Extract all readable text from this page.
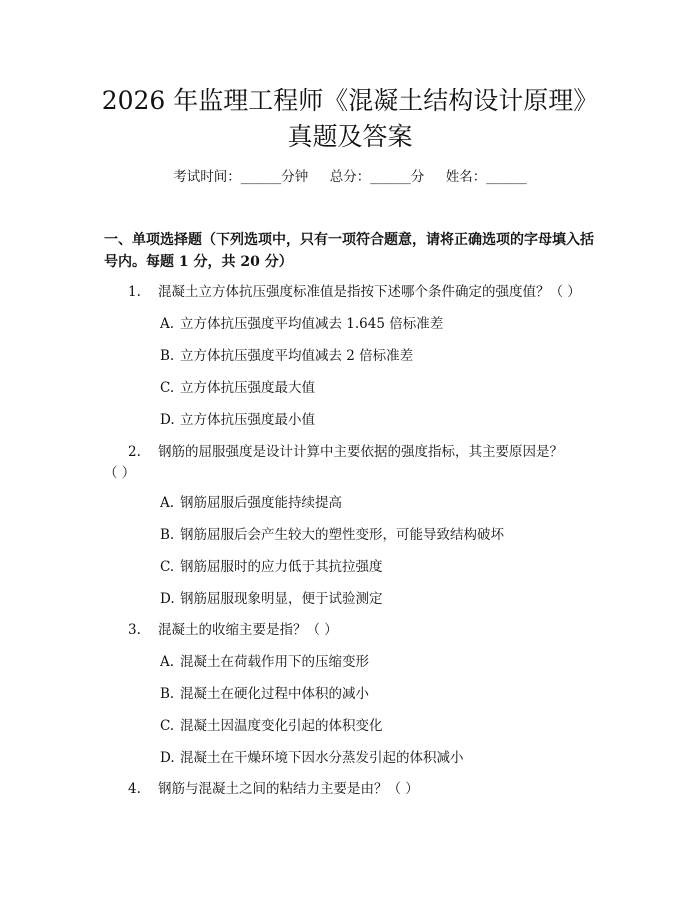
2026 年监理工程师《混凝土结构设计原理》
真题及答案
考试时间：______分钟     总分：______分     姓名：______

一、单项选择题（下列选项中，只有一项符合题意，请将正确选项的字母填入括

号内。每题 1 分，共 20 分）

1. 混凝土立方体抗压强度标准值是指按下述哪个条件确定的强度值？（ ）
A. 立方体抗压强度平均值减去 1.645 倍标准差
B. 立方体抗压强度平均值减去 2 倍标准差
C. 立方体抗压强度最大值
D. 立方体抗压强度最小值
2. 钢筋的屈服强度是设计计算中主要依据的强度指标，其主要原因是？
（ ）
A. 钢筋屈服后强度能持续提高
B. 钢筋屈服后会产生较大的塑性变形，可能导致结构破坏
C. 钢筋屈服时的应力低于其抗拉强度
D. 钢筋屈服现象明显，便于试验测定
3. 混凝土的收缩主要是指？（ ）
A. 混凝土在荷载作用下的压缩变形
B. 混凝土在硬化过程中体积的减小
C. 混凝土因温度变化引起的体积变化
D. 混凝土在干燥环境下因水分蒸发引起的体积减小
4. 钢筋与混凝土之间的粘结力主要是由？（ ）
